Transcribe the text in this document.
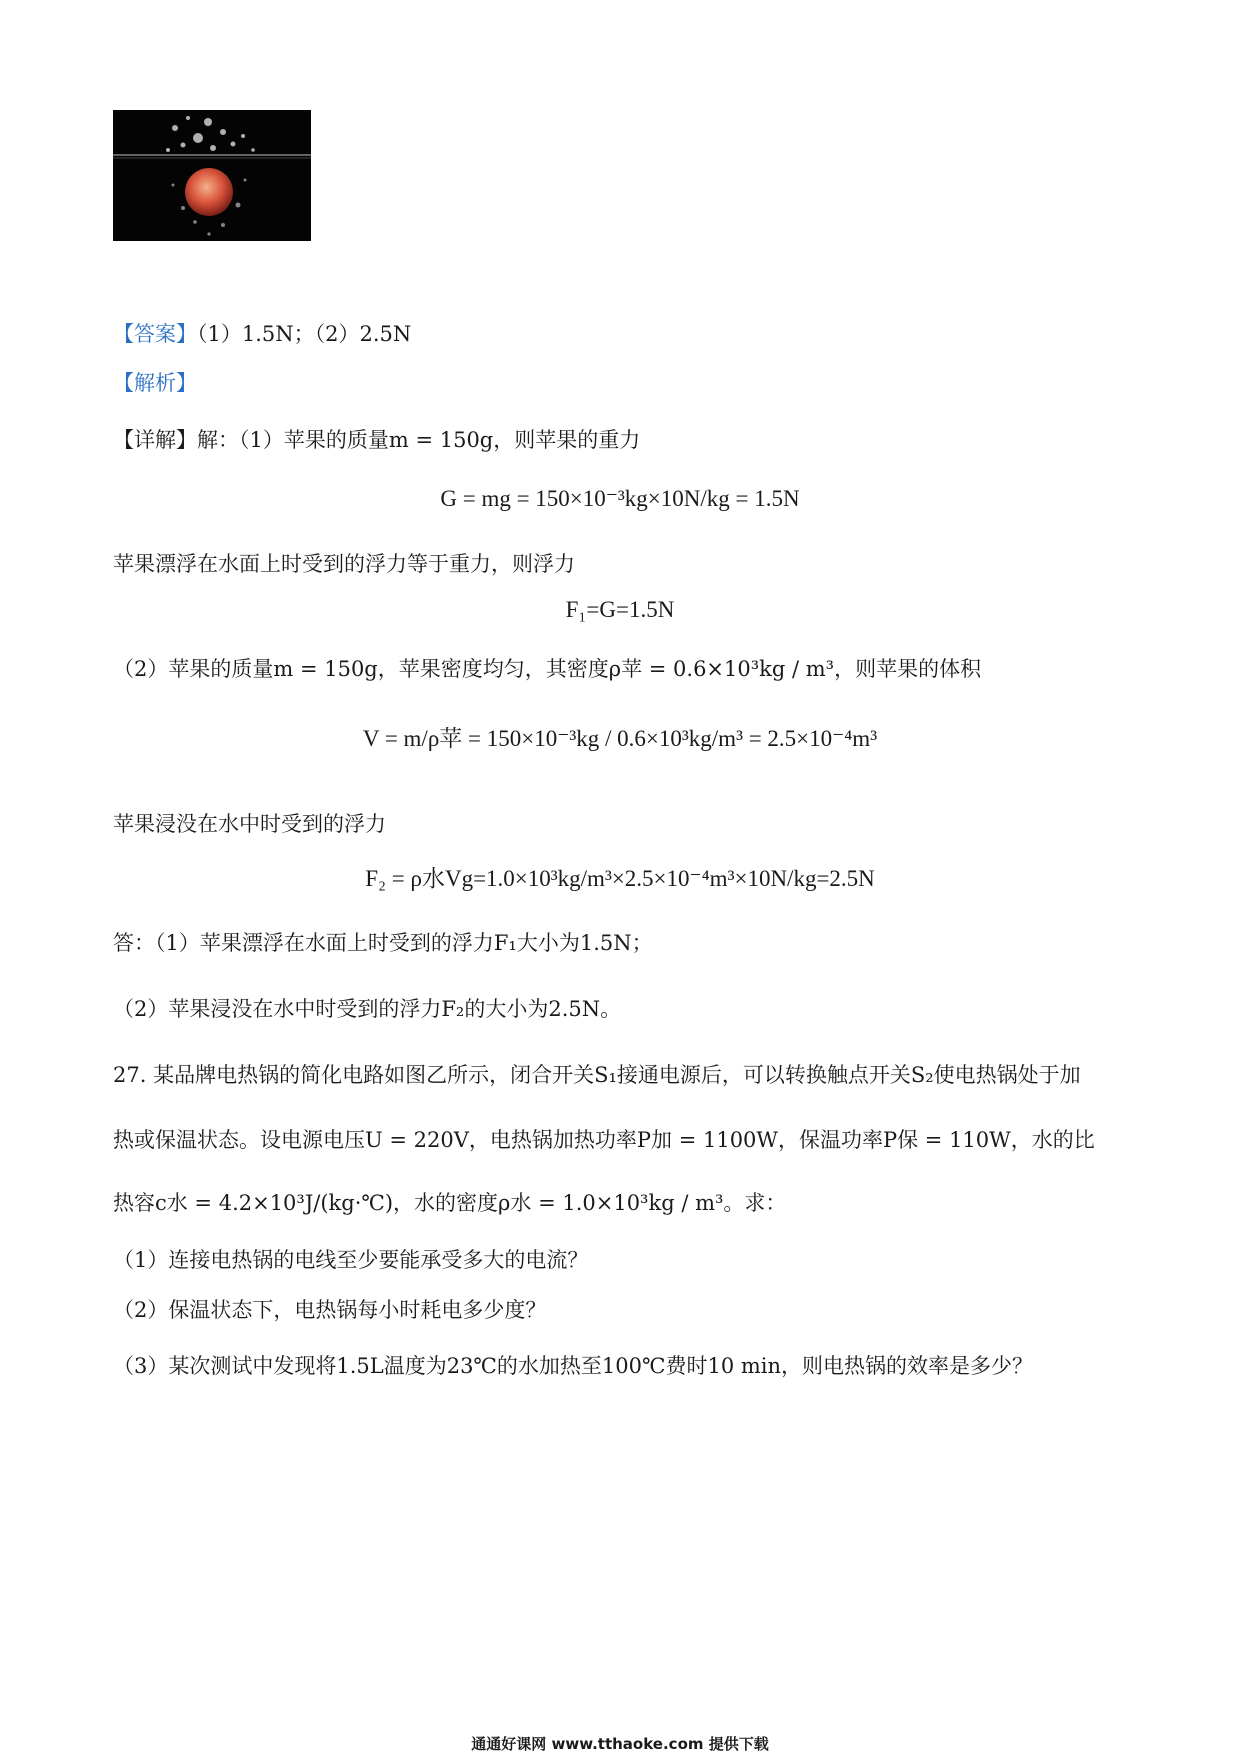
【答案】（1）1.5N；（2）2.5N
【解析】
【详解】解：（1）苹果的质量m = 150g，则苹果的重力
G = mg = 150×10⁻³kg×10N/kg = 1.5N
苹果漂浮在水面上时受到的浮力等于重力，则浮力
F₁=G=1.5N
（2）苹果的质量m = 150g，苹果密度均匀，其密度ρ苹 = 0.6×10³kg / m³，则苹果的体积
V = m/ρ苹 = 150×10⁻³kg / 0.6×10³kg/m³ = 2.5×10⁻⁴m³
苹果浸没在水中时受到的浮力
F₂ = ρ水Vg=1.0×10³kg/m³×2.5×10⁻⁴m³×10N/kg=2.5N
答：（1）苹果漂浮在水面上时受到的浮力F₁大小为1.5N；
（2）苹果浸没在水中时受到的浮力F₂的大小为2.5N。
27. 某品牌电热锅的简化电路如图乙所示，闭合开关S₁接通电源后，可以转换触点开关S₂使电热锅处于加
热或保温状态。设电源电压U = 220V，电热锅加热功率P加 = 1100W，保温功率P保 = 110W，水的比
热容c水 = 4.2×10³J/(kg·℃)，水的密度ρ水 = 1.0×10³kg / m³。求：
（1）连接电热锅的电线至少要能承受多大的电流？
（2）保温状态下，电热锅每小时耗电多少度？
（3）某次测试中发现将1.5L温度为23℃的水加热至100℃费时10 min，则电热锅的效率是多少？
通通好课网 www.tthaoke.com 提供下载
